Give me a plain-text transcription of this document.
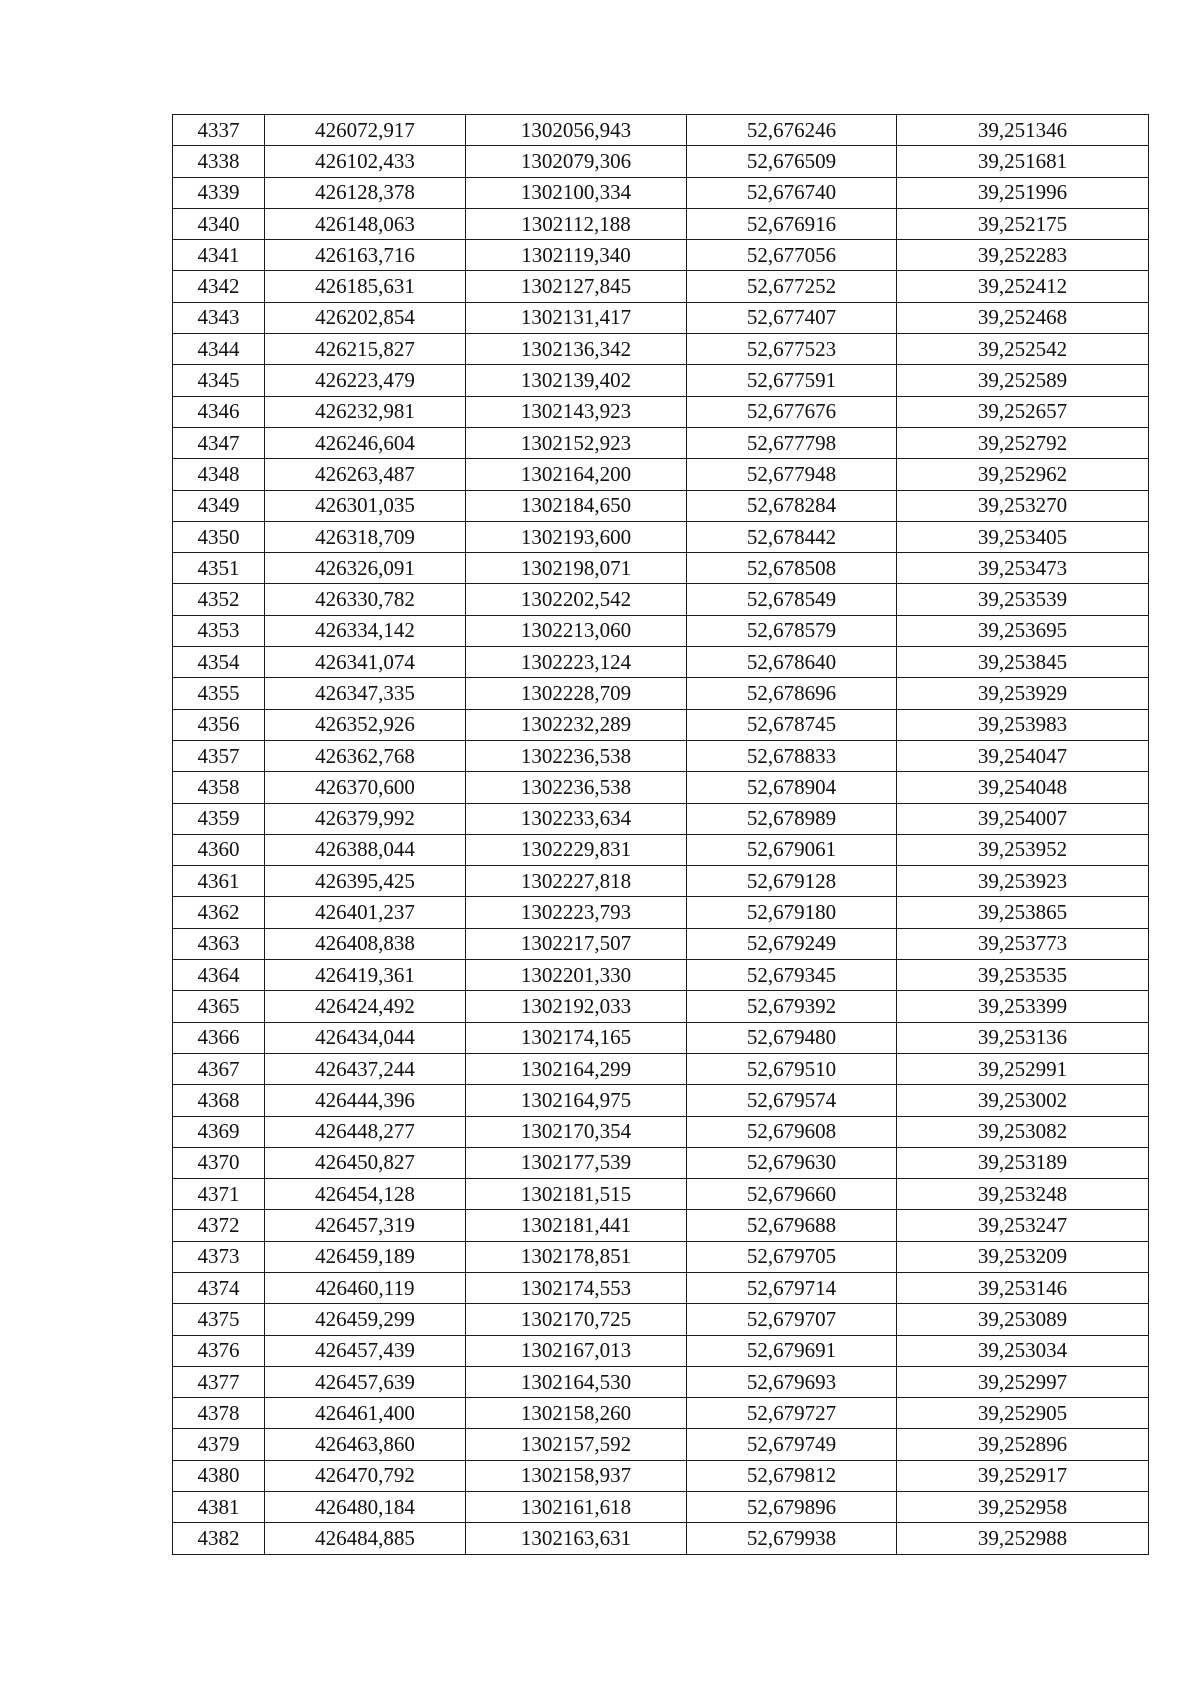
4337	426072,917	1302056,943	52,676246	39,251346
4338	426102,433	1302079,306	52,676509	39,251681
4339	426128,378	1302100,334	52,676740	39,251996
4340	426148,063	1302112,188	52,676916	39,252175
4341	426163,716	1302119,340	52,677056	39,252283
4342	426185,631	1302127,845	52,677252	39,252412
4343	426202,854	1302131,417	52,677407	39,252468
4344	426215,827	1302136,342	52,677523	39,252542
4345	426223,479	1302139,402	52,677591	39,252589
4346	426232,981	1302143,923	52,677676	39,252657
4347	426246,604	1302152,923	52,677798	39,252792
4348	426263,487	1302164,200	52,677948	39,252962
4349	426301,035	1302184,650	52,678284	39,253270
4350	426318,709	1302193,600	52,678442	39,253405
4351	426326,091	1302198,071	52,678508	39,253473
4352	426330,782	1302202,542	52,678549	39,253539
4353	426334,142	1302213,060	52,678579	39,253695
4354	426341,074	1302223,124	52,678640	39,253845
4355	426347,335	1302228,709	52,678696	39,253929
4356	426352,926	1302232,289	52,678745	39,253983
4357	426362,768	1302236,538	52,678833	39,254047
4358	426370,600	1302236,538	52,678904	39,254048
4359	426379,992	1302233,634	52,678989	39,254007
4360	426388,044	1302229,831	52,679061	39,253952
4361	426395,425	1302227,818	52,679128	39,253923
4362	426401,237	1302223,793	52,679180	39,253865
4363	426408,838	1302217,507	52,679249	39,253773
4364	426419,361	1302201,330	52,679345	39,253535
4365	426424,492	1302192,033	52,679392	39,253399
4366	426434,044	1302174,165	52,679480	39,253136
4367	426437,244	1302164,299	52,679510	39,252991
4368	426444,396	1302164,975	52,679574	39,253002
4369	426448,277	1302170,354	52,679608	39,253082
4370	426450,827	1302177,539	52,679630	39,253189
4371	426454,128	1302181,515	52,679660	39,253248
4372	426457,319	1302181,441	52,679688	39,253247
4373	426459,189	1302178,851	52,679705	39,253209
4374	426460,119	1302174,553	52,679714	39,253146
4375	426459,299	1302170,725	52,679707	39,253089
4376	426457,439	1302167,013	52,679691	39,253034
4377	426457,639	1302164,530	52,679693	39,252997
4378	426461,400	1302158,260	52,679727	39,252905
4379	426463,860	1302157,592	52,679749	39,252896
4380	426470,792	1302158,937	52,679812	39,252917
4381	426480,184	1302161,618	52,679896	39,252958
4382	426484,885	1302163,631	52,679938	39,252988
